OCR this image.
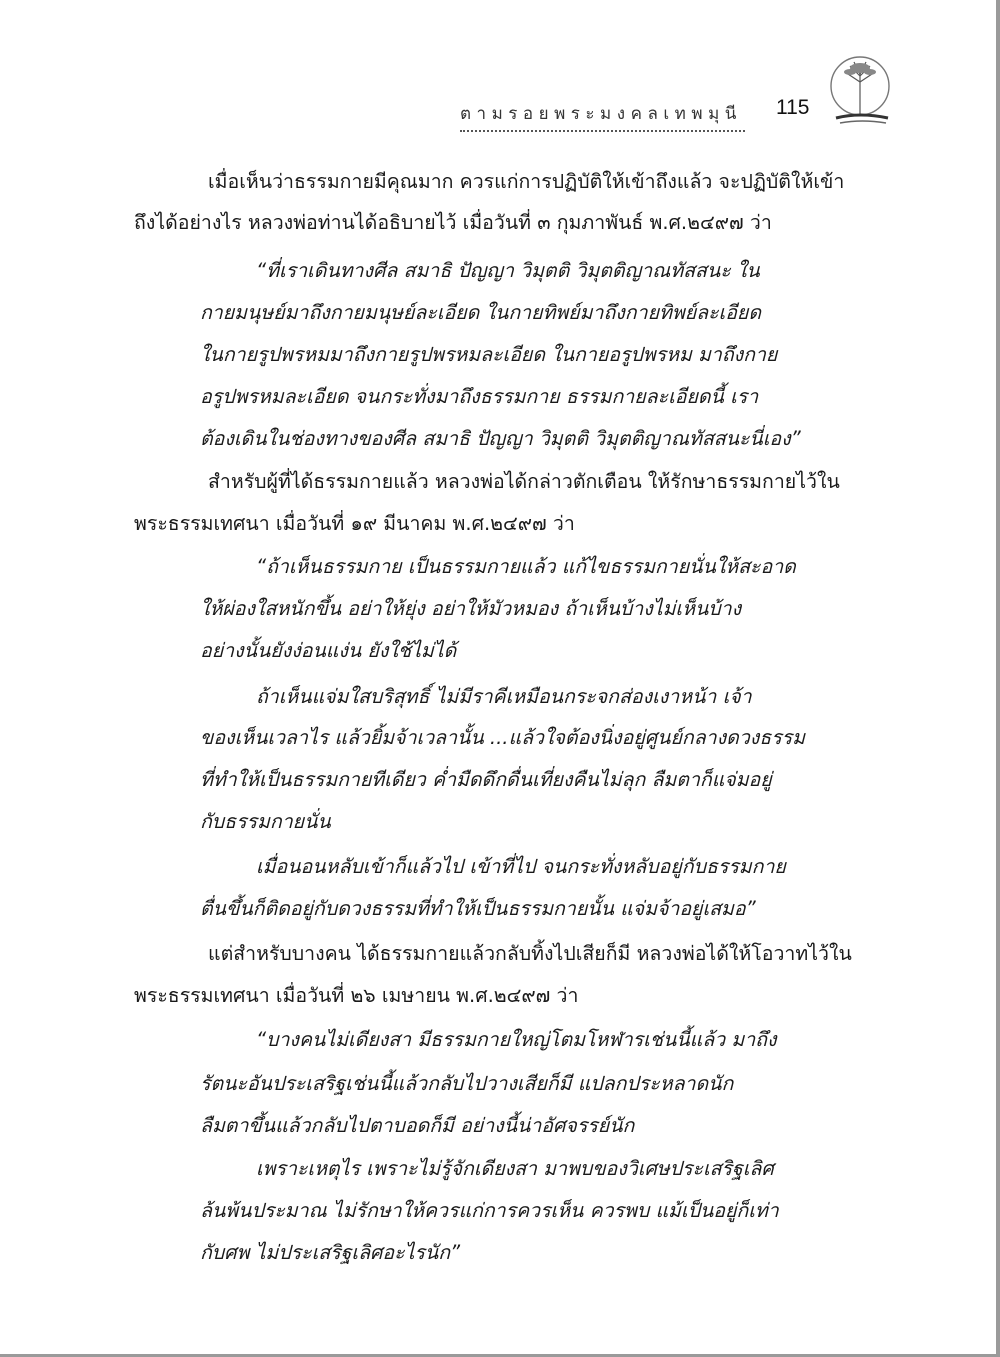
ตามรอยพระมงคลเทพมุนี	115
เมื่อเห็นว่าธรรมกายมีคุณมาก ควรแก่การปฏิบัติให้เข้าถึงแล้ว จะปฏิบัติให้เข้า
ถึงได้อย่างไร หลวงพ่อท่านได้อธิบายไว้ เมื่อวันที่ ๓ กุมภาพันธ์ พ.ศ.๒๔๙๗ ว่า
“ที่เราเดินทางศีล สมาธิ ปัญญา วิมุตติ วิมุตติญาณทัสสนะ ใน
กายมนุษย์มาถึงกายมนุษย์ละเอียด ในกายทิพย์มาถึงกายทิพย์ละเอียด
ในกายรูปพรหมมาถึงกายรูปพรหมละเอียด ในกายอรูปพรหม มาถึงกาย
อรูปพรหมละเอียด จนกระทั่งมาถึงธรรมกาย ธรรมกายละเอียดนี้ เรา
ต้องเดินในช่องทางของศีล สมาธิ ปัญญา วิมุตติ วิมุตติญาณทัสสนะนี่เอง”
สำหรับผู้ที่ได้ธรรมกายแล้ว หลวงพ่อได้กล่าวตักเตือน ให้รักษาธรรมกายไว้ใน
พระธรรมเทศนา เมื่อวันที่ ๑๙ มีนาคม พ.ศ.๒๔๙๗ ว่า
“ถ้าเห็นธรรมกาย เป็นธรรมกายแล้ว แก้ไขธรรมกายนั่นให้สะอาด
ให้ผ่องใสหนักขึ้น อย่าให้ยุ่ง อย่าให้มัวหมอง ถ้าเห็นบ้างไม่เห็นบ้าง
อย่างนั้นยังง่อนแง่น ยังใช้ไม่ได้
ถ้าเห็นแจ่มใสบริสุทธิ์ ไม่มีราคีเหมือนกระจกส่องเงาหน้า เจ้า
ของเห็นเวลาไร แล้วยิ้มจ้าเวลานั้น ...แล้วใจต้องนิ่งอยู่ศูนย์กลางดวงธรรม
ที่ทำให้เป็นธรรมกายทีเดียว ค่ำมืดดึกดื่นเที่ยงคืนไม่ลุก ลืมตาก็แจ่มอยู่
กับธรรมกายนั่น
เมื่อนอนหลับเข้าก็แล้วไป เข้าที่ไป จนกระทั่งหลับอยู่กับธรรมกาย
ตื่นขึ้นก็ติดอยู่กับดวงธรรมที่ทำให้เป็นธรรมกายนั้น แจ่มจ้าอยู่เสมอ”
แต่สำหรับบางคน ได้ธรรมกายแล้วกลับทิ้งไปเสียก็มี หลวงพ่อได้ให้โอวาทไว้ใน
พระธรรมเทศนา เมื่อวันที่ ๒๖ เมษายน พ.ศ.๒๔๙๗ ว่า
“บางคนไม่เดียงสา มีธรรมกายใหญ่โตมโหฬารเช่นนี้แล้ว มาถึง
รัตนะอันประเสริฐเช่นนี้แล้วกลับไปวางเสียก็มี แปลกประหลาดนัก
ลืมตาขึ้นแล้วกลับไปตาบอดก็มี อย่างนี้น่าอัศจรรย์นัก
เพราะเหตุไร เพราะไม่รู้จักเดียงสา มาพบของวิเศษประเสริฐเลิศ
ล้นพ้นประมาณ ไม่รักษาให้ควรแก่การควรเห็น ควรพบ แม้เป็นอยู่ก็เท่า
กับศพ ไม่ประเสริฐเลิศอะไรนัก”
